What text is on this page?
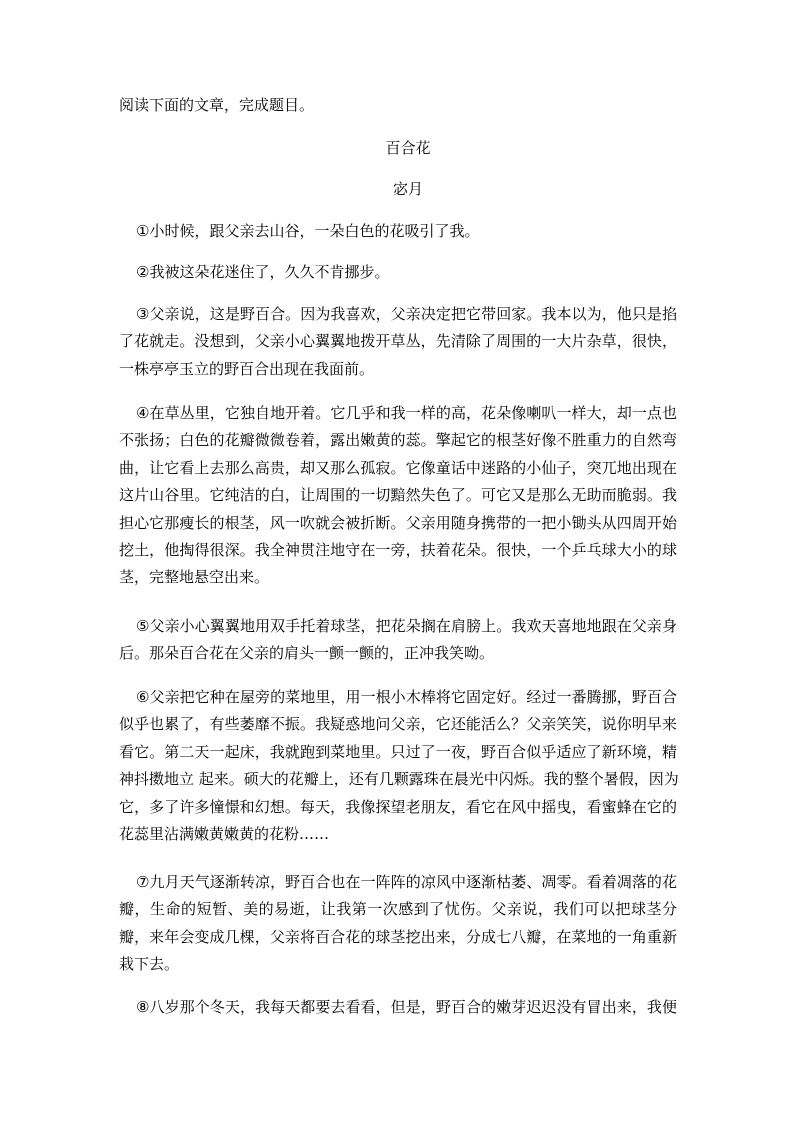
阅读下面的文章，完成题目。
百合花
宓月
①小时候，跟父亲去山谷，一朵白色的花吸引了我。
②我被这朵花迷住了，久久不肯挪步。
③父亲说，这是野百合。因为我喜欢，父亲决定把它带回家。我本以为，他只是掐
了花就走。没想到，父亲小心翼翼地拨开草丛，先清除了周围的一大片杂草，很快，
一株亭亭玉立的野百合出现在我面前。
④在草丛里，它独自地开着。它几乎和我一样的高，花朵像喇叭一样大，却一点也
不张扬；白色的花瓣微微卷着，露出嫩黄的蕊。擎起它的根茎好像不胜重力的自然弯
曲，让它看上去那么高贵，却又那么孤寂。它像童话中迷路的小仙子，突兀地出现在
这片山谷里。它纯洁的白，让周围的一切黯然失色了。可它又是那么无助而脆弱。我
担心它那瘦长的根茎，风一吹就会被折断。父亲用随身携带的一把小锄头从四周开始
挖土，他掏得很深。我全神贯注地守在一旁，扶着花朵。很快，一个乒乓球大小的球
茎，完整地悬空出来。
⑤父亲小心翼翼地用双手托着球茎，把花朵搁在肩膀上。我欢天喜地地跟在父亲身
后。那朵百合花在父亲的肩头一颤一颤的，正冲我笑呦。
⑥父亲把它种在屋旁的菜地里，用一根小木棒将它固定好。经过一番腾挪，野百合
似乎也累了，有些萎靡不振。我疑惑地问父亲，它还能活么？父亲笑笑，说你明早来
看它。第二天一起床，我就跑到菜地里。只过了一夜，野百合似乎适应了新环境，精
神抖擞地立 起来。硕大的花瓣上，还有几颗露珠在晨光中闪烁。我的整个暑假，因为
它，多了许多憧憬和幻想。每天，我像探望老朋友，看它在风中摇曳，看蜜蜂在它的
花蕊里沾满嫩黄嫩黄的花粉……
⑦九月天气逐渐转凉，野百合也在一阵阵的凉风中逐渐枯萎、凋零。看着凋落的花
瓣，生命的短暂、美的易逝，让我第一次感到了忧伤。父亲说，我们可以把球茎分
瓣，来年会变成几棵，父亲将百合花的球茎挖出来，分成七八瓣，在菜地的一角重新
栽下去。
⑧八岁那个冬天，我每天都要去看看，但是，野百合的嫩芽迟迟没有冒出来，我便
